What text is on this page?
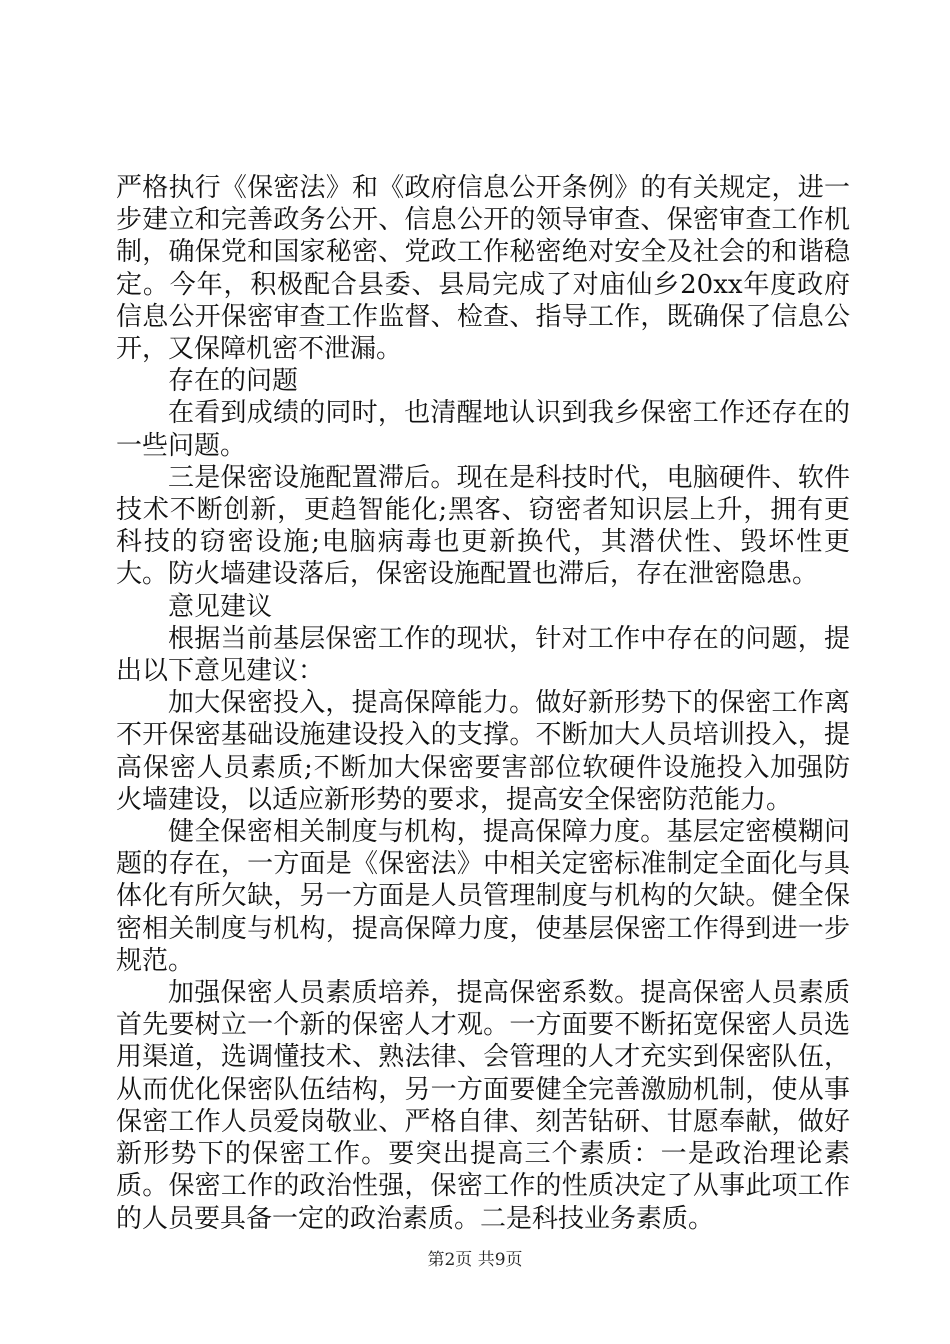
严格执行《保密法》和《政府信息公开条例》的有关规定，进一步建立和完善政务公开、信息公开的领导审查、保密审查工作机制，确保党和国家秘密、党政工作秘密绝对安全及社会的和谐稳定。今年，积极配合县委、县局完成了对庙仙乡20xx年度政府信息公开保密审查工作监督、检查、指导工作，既确保了信息公开，又保障机密不泄漏。

存在的问题

在看到成绩的同时，也清醒地认识到我乡保密工作还存在的一些问题。

三是保密设施配置滞后。现在是科技时代，电脑硬件、软件技术不断创新，更趋智能化;黑客、窃密者知识层上升，拥有更科技的窃密设施;电脑病毒也更新换代，其潜伏性、毁坏性更大。防火墙建设落后，保密设施配置也滞后，存在泄密隐患。

意见建议

根据当前基层保密工作的现状，针对工作中存在的问题，提出以下意见建议：

加大保密投入，提高保障能力。做好新形势下的保密工作离不开保密基础设施建设投入的支撑。不断加大人员培训投入，提高保密人员素质;不断加大保密要害部位软硬件设施投入加强防火墙建设，以适应新形势的要求，提高安全保密防范能力。

健全保密相关制度与机构，提高保障力度。基层定密模糊问题的存在，一方面是《保密法》中相关定密标准制定全面化与具体化有所欠缺，另一方面是人员管理制度与机构的欠缺。健全保密相关制度与机构，提高保障力度，使基层保密工作得到进一步规范。

加强保密人员素质培养，提高保密系数。提高保密人员素质首先要树立一个新的保密人才观。一方面要不断拓宽保密人员选用渠道，选调懂技术、熟法律、会管理的人才充实到保密队伍，从而优化保密队伍结构，另一方面要健全完善激励机制，使从事保密工作人员爱岗敬业、严格自律、刻苦钻研、甘愿奉献，做好新形势下的保密工作。要突出提高三个素质：一是政治理论素质。保密工作的政治性强，保密工作的性质决定了从事此项工作的人员要具备一定的政治素质。二是科技业务素质。

第2页 共9页
